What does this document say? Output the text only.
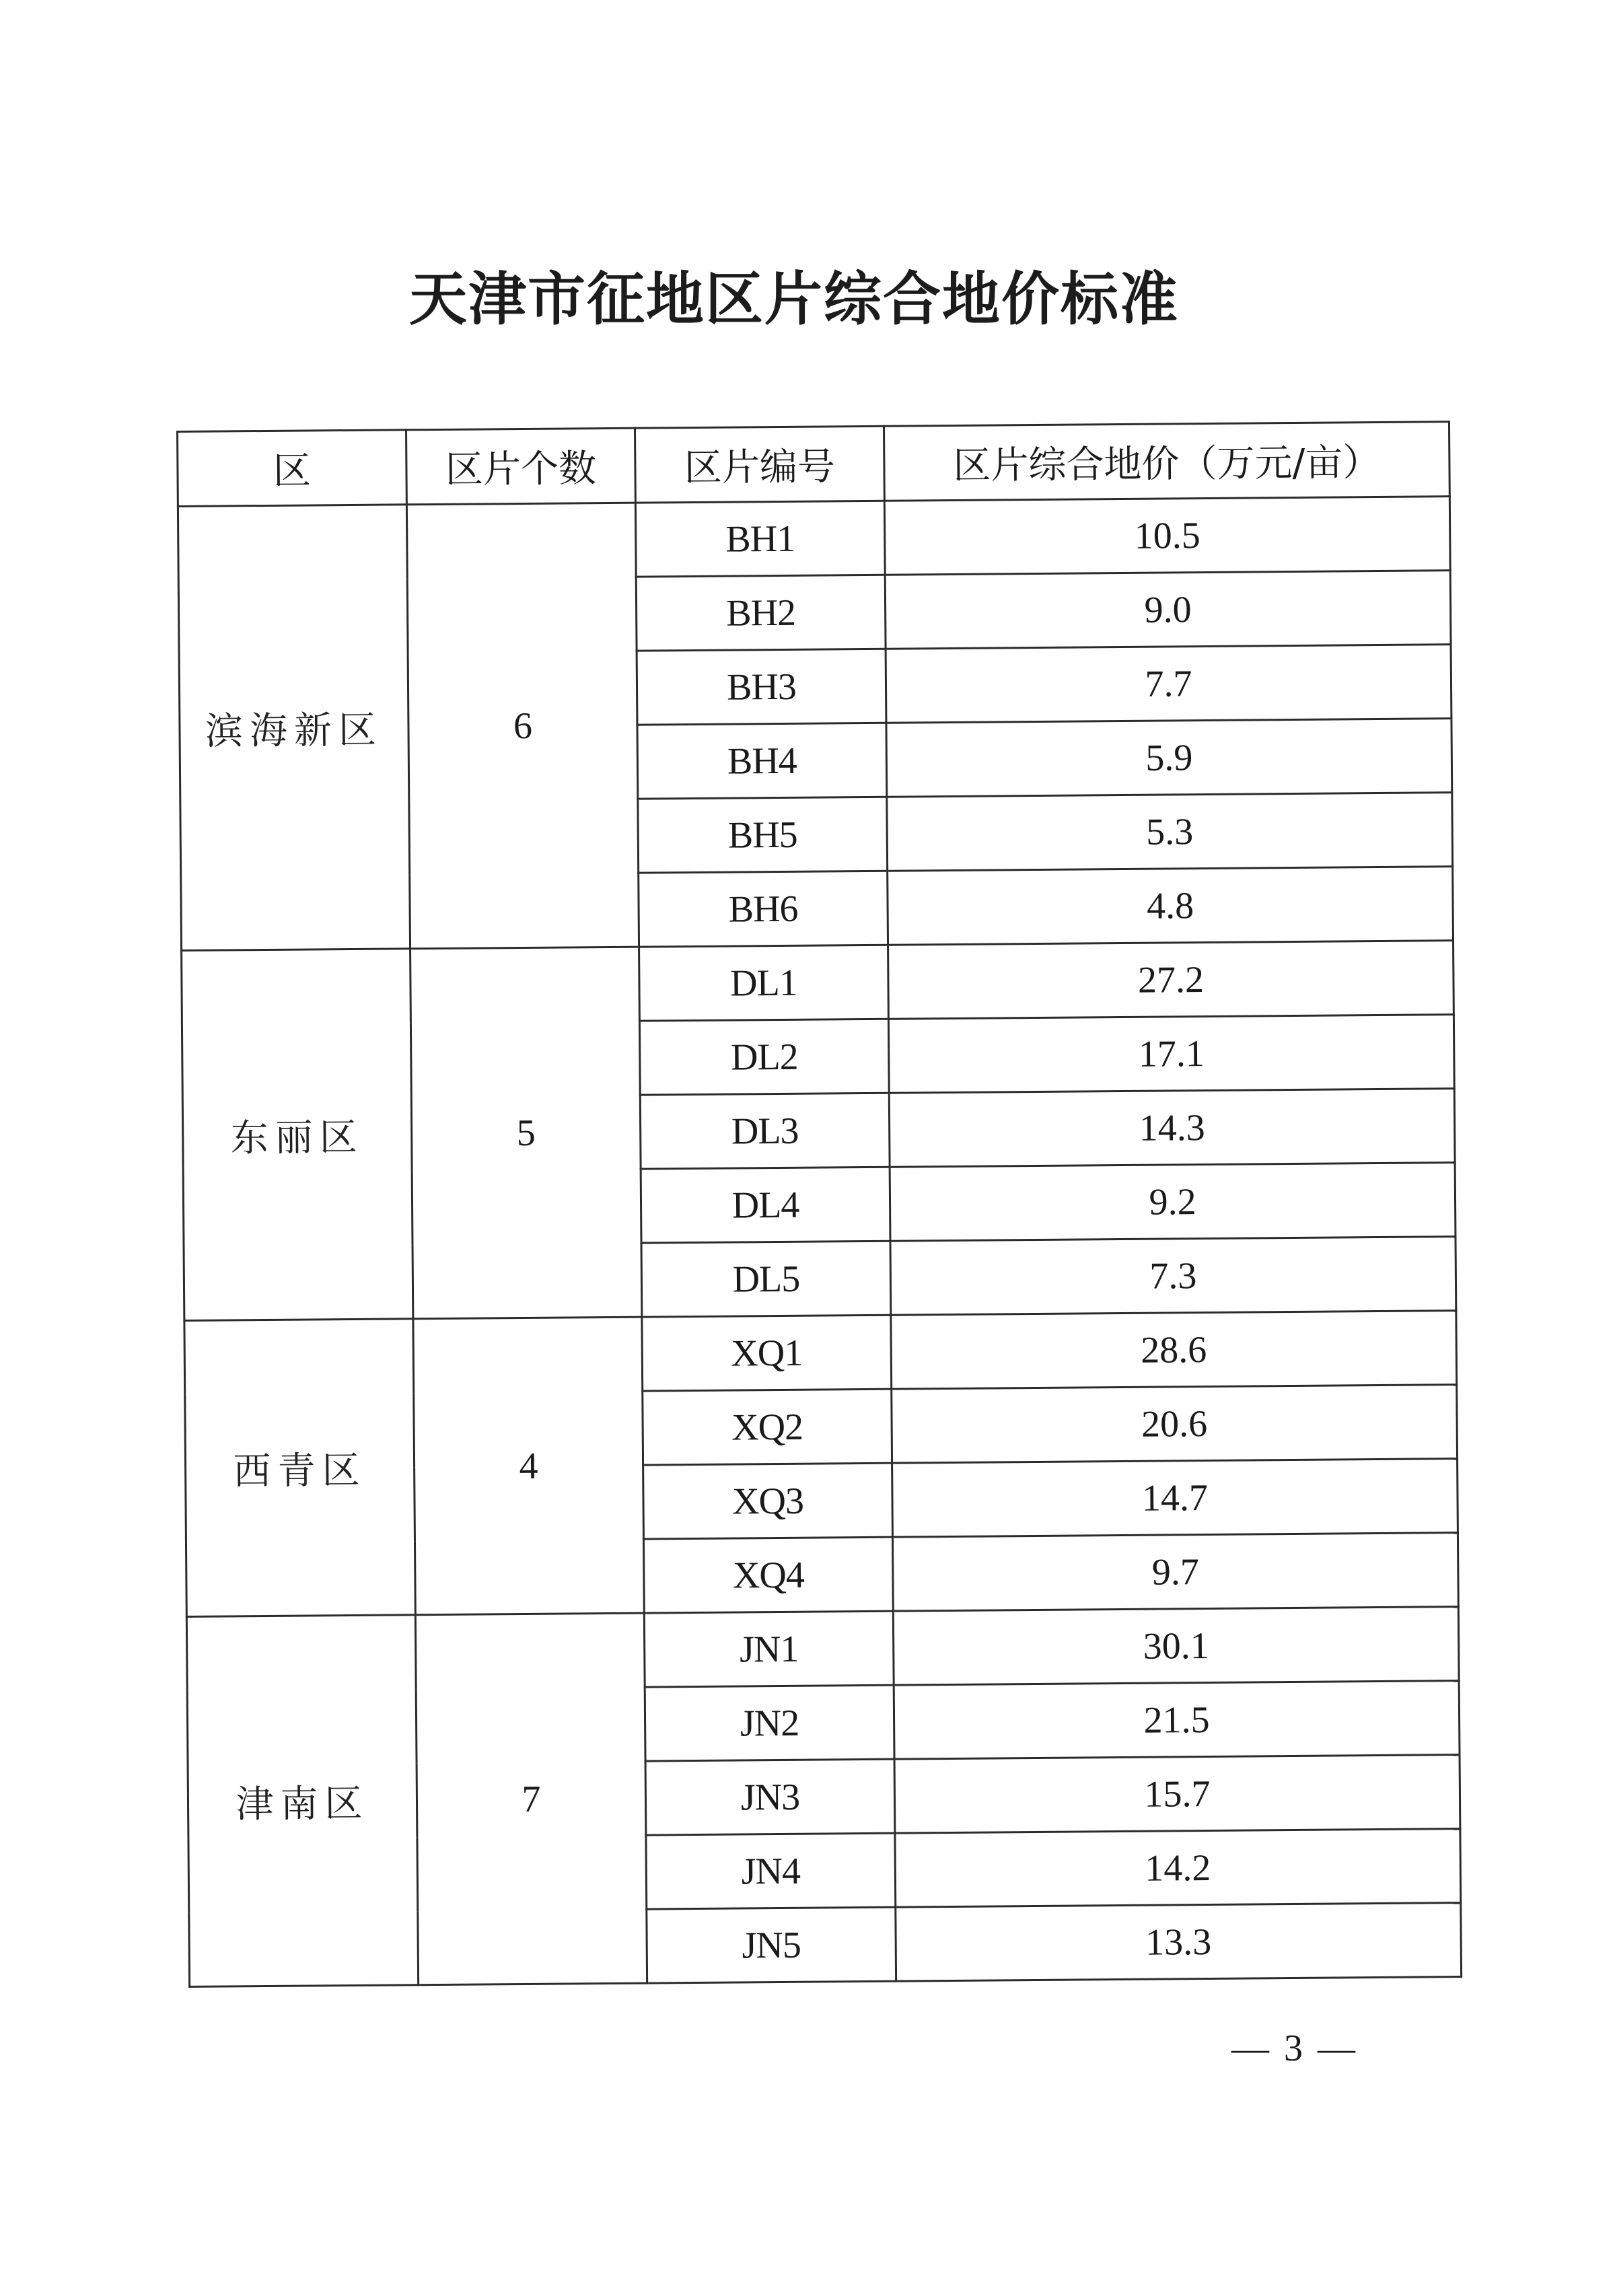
天津市征地区片综合地价标准
区	区片个数	区片编号	区片综合地价（万元/亩）
滨海新区	6	BH1	10.5
		BH2	9.0
		BH3	7.7
		BH4	5.9
		BH5	5.3
		BH6	4.8
东丽区	5	DL1	27.2
		DL2	17.1
		DL3	14.3
		DL4	9.2
		DL5	7.3
西青区	4	XQ1	28.6
		XQ2	20.6
		XQ3	14.7
		XQ4	9.7
津南区	7	JN1	30.1
		JN2	21.5
		JN3	15.7
		JN4	14.2
		JN5	13.3
— 3 —
